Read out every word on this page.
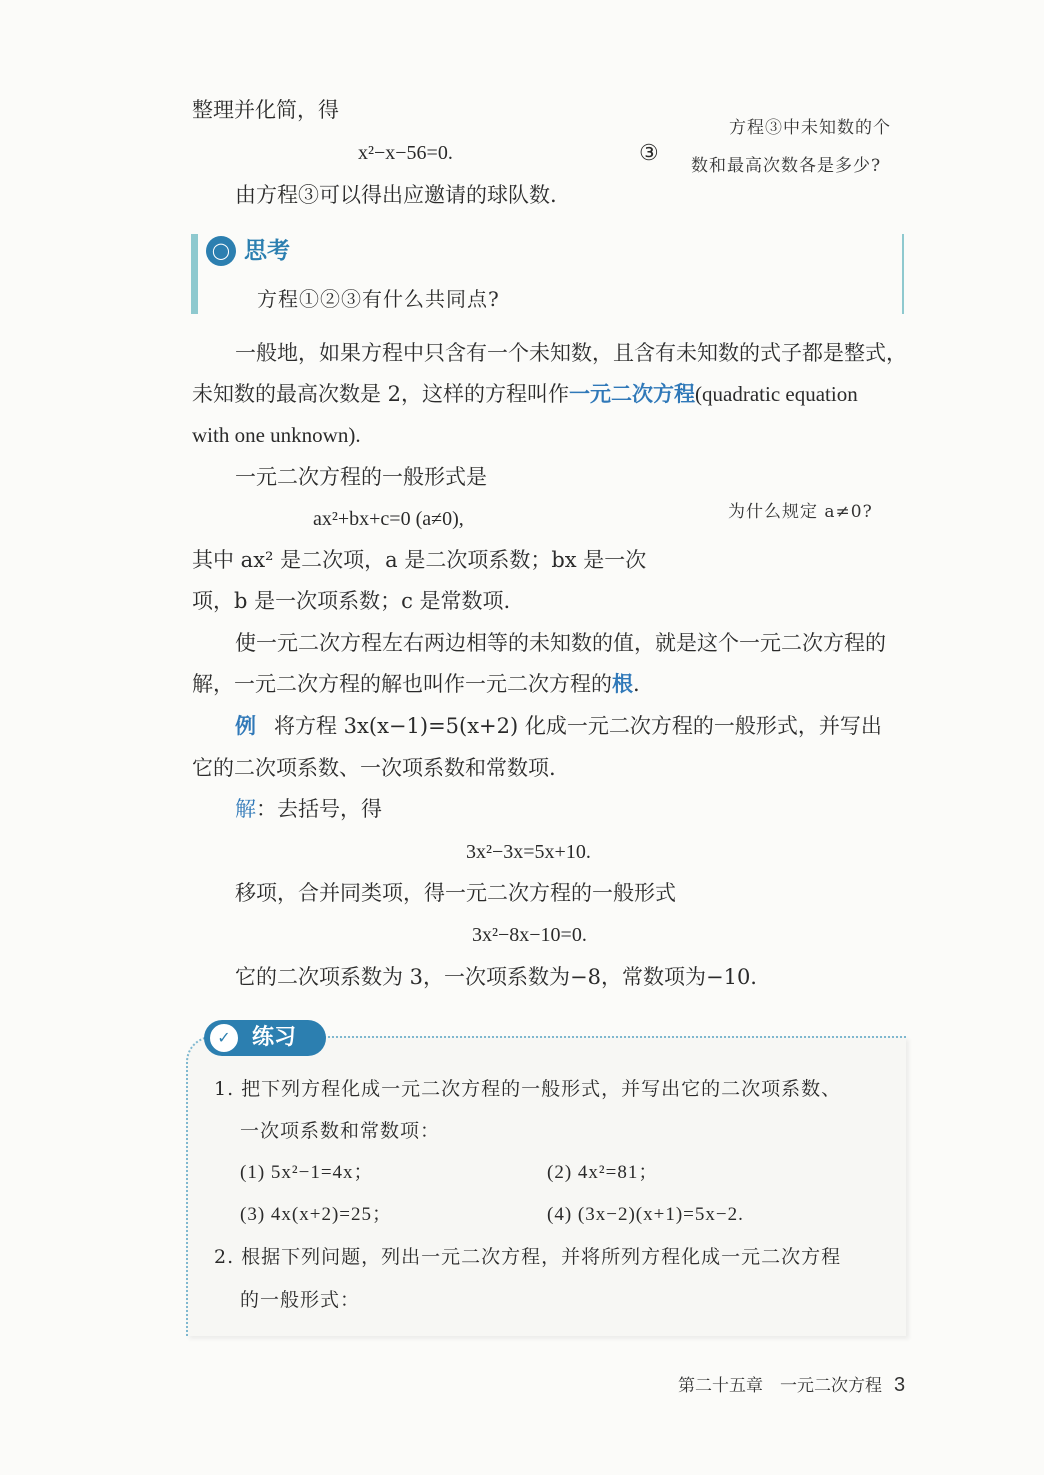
整理并化简，得
x²−x−56=0.	③
由方程③可以得出应邀请的球队数.
方程③中未知数的个
数和最高次数各是多少?
◯ 思考
方程①②③有什么共同点?
一般地，如果方程中只含有一个未知数，且含有未知数的式子都是整式，
未知数的最高次数是 2，这样的方程叫作一元二次方程(quadratic equation
with one unknown).
一元二次方程的一般形式是
ax²+bx+c=0 (a≠0),	为什么规定 a≠0?
其中 ax² 是二次项，a 是二次项系数；bx 是一次
项，b 是一次项系数；c 是常数项.
使一元二次方程左右两边相等的未知数的值，就是这个一元二次方程的
解，一元二次方程的解也叫作一元二次方程的根.
例 将方程 3x(x−1)=5(x+2) 化成一元二次方程的一般形式，并写出
它的二次项系数、一次项系数和常数项.
解：去括号，得
3x²−3x=5x+10.
移项，合并同类项，得一元二次方程的一般形式
3x²−8x−10=0.
它的二次项系数为 3，一次项系数为−8，常数项为−10.
✓ 练习
1. 把下列方程化成一元二次方程的一般形式，并写出它的二次项系数、
一次项系数和常数项：
(1) 5x²−1=4x；	(2) 4x²=81；
(3) 4x(x+2)=25；	(4) (3x−2)(x+1)=5x−2.
2. 根据下列问题，列出一元二次方程，并将所列方程化成一元二次方程
的一般形式：
第二十五章　一元二次方程 3
